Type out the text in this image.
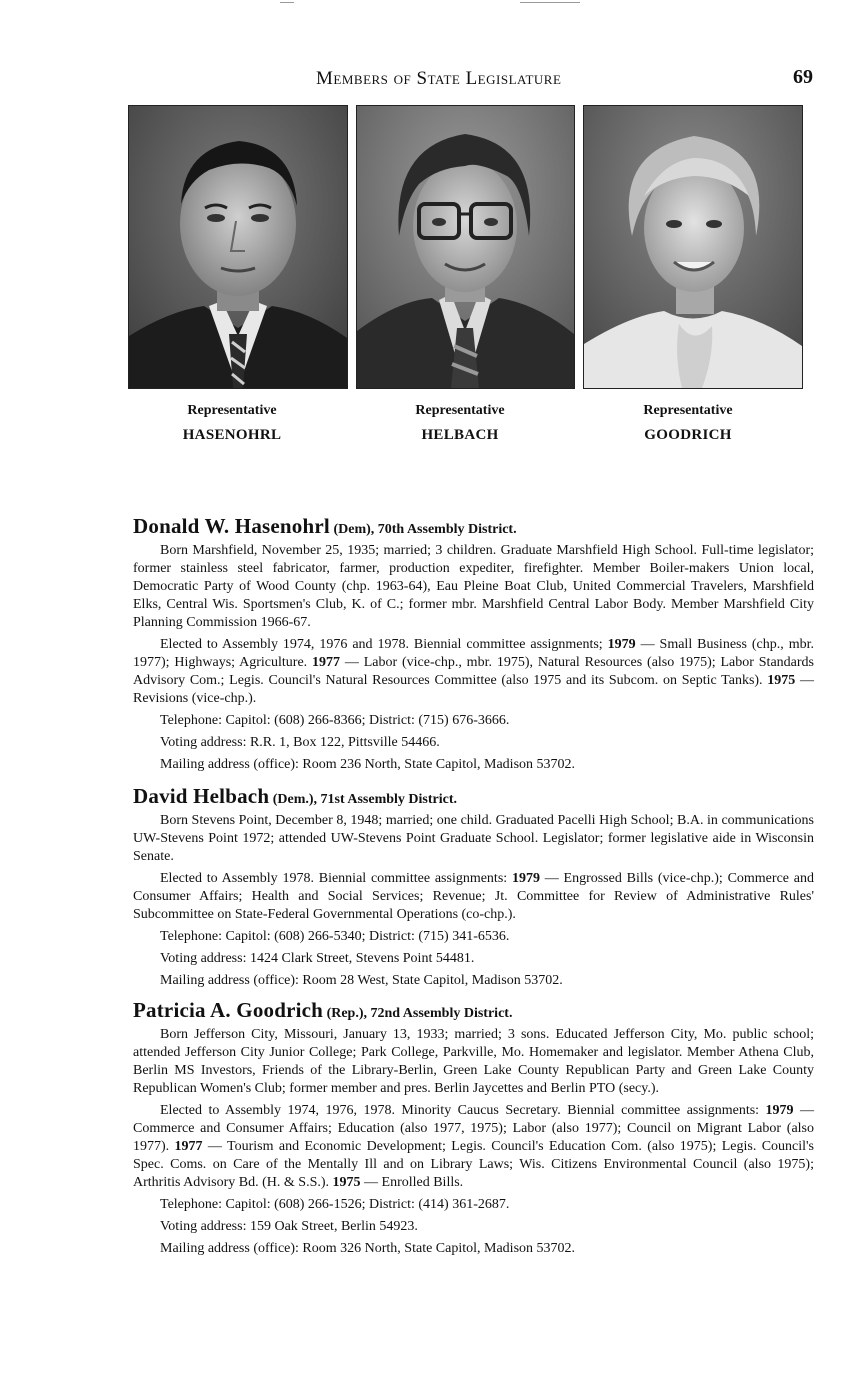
Members of State Legislature	69
Representative
HASENOHRL
Representative
HELBACH
Representative
GOODRICH

Donald W. Hasenohrl (Dem), 70th Assembly District.

Born Marshfield, November 25, 1935; married; 3 children. Graduate Marshfield High School. Full-time legislator; former stainless steel fabricator, farmer, production expediter, firefighter. Member Boiler-makers Union local, Democratic Party of Wood County (chp. 1963-64), Eau Pleine Boat Club, United Commercial Travelers, Marshfield Elks, Central Wis. Sportsmen's Club, K. of C.; former mbr. Marshfield Central Labor Body. Member Marshfield City Planning Commission 1966-67.

Elected to Assembly 1974, 1976 and 1978. Biennial committee assignments; 1979 — Small Business (chp., mbr. 1977); Highways; Agriculture. 1977 — Labor (vice-chp., mbr. 1975), Natural Resources (also 1975); Labor Standards Advisory Com.; Legis. Council's Natural Resources Committee (also 1975 and its Subcom. on Septic Tanks). 1975 — Revisions (vice-chp.).

Telephone: Capitol: (608) 266-8366; District: (715) 676-3666.

Voting address: R.R. 1, Box 122, Pittsville 54466.

Mailing address (office): Room 236 North, State Capitol, Madison 53702.

David Helbach (Dem.), 71st Assembly District.

Born Stevens Point, December 8, 1948; married; one child. Graduated Pacelli High School; B.A. in communications UW-Stevens Point 1972; attended UW-Stevens Point Graduate School. Legislator; former legislative aide in Wisconsin Senate.

Elected to Assembly 1978. Biennial committee assignments: 1979 — Engrossed Bills (vice-chp.); Commerce and Consumer Affairs; Health and Social Services; Revenue; Jt. Committee for Review of Administrative Rules' Subcommittee on State-Federal Governmental Operations (co-chp.).

Telephone: Capitol: (608) 266-5340; District: (715) 341-6536.

Voting address: 1424 Clark Street, Stevens Point 54481.

Mailing address (office): Room 28 West, State Capitol, Madison 53702.

Patricia A. Goodrich (Rep.), 72nd Assembly District.

Born Jefferson City, Missouri, January 13, 1933; married; 3 sons. Educated Jefferson City, Mo. public school; attended Jefferson City Junior College; Park College, Parkville, Mo. Homemaker and legislator. Member Athena Club, Berlin MS Investors, Friends of the Library-Berlin, Green Lake County Republican Party and Green Lake County Republican Women's Club; former member and pres. Berlin Jaycettes and Berlin PTO (secy.).

Elected to Assembly 1974, 1976, 1978. Minority Caucus Secretary. Biennial committee assignments: 1979 — Commerce and Consumer Affairs; Education (also 1977, 1975); Labor (also 1977); Council on Migrant Labor (also 1977). 1977 — Tourism and Economic Development; Legis. Council's Education Com. (also 1975); Legis. Council's Spec. Coms. on Care of the Mentally Ill and on Library Laws; Wis. Citizens Environmental Council (also 1975); Arthritis Advisory Bd. (H. & S.S.). 1975 — Enrolled Bills.

Telephone: Capitol: (608) 266-1526; District: (414) 361-2687.

Voting address: 159 Oak Street, Berlin 54923.

Mailing address (office): Room 326 North, State Capitol, Madison 53702.
